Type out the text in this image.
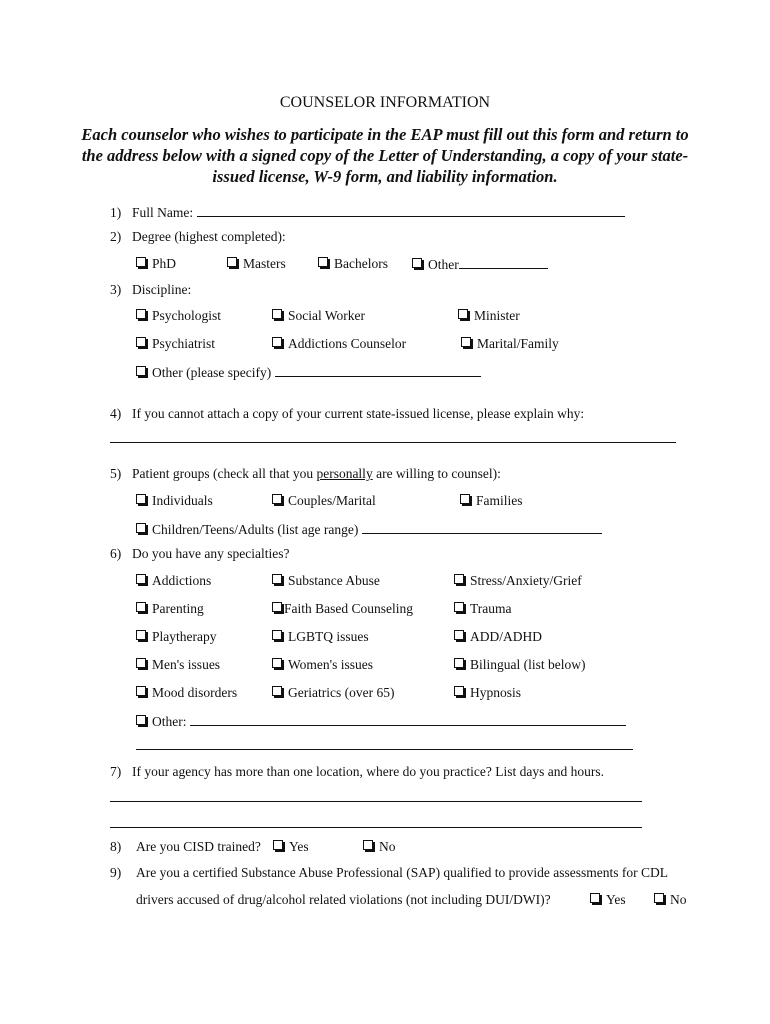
COUNSELOR INFORMATION
Each counselor who wishes to participate in the EAP must fill out this form and return to the address below with a signed copy of the Letter of Understanding, a copy of your state-issued license, W-9 form, and liability information.
1) Full Name:
2) Degree (highest completed):
PhD	Masters	Bachelors	Other
3) Discipline:
Psychologist	Social Worker	Minister
Psychiatrist	Addictions Counselor	Marital/Family
Other (please specify)
4) If you cannot attach a copy of your current state-issued license, please explain why:
5) Patient groups (check all that you personally are willing to counsel):
Individuals	Couples/Marital	Families
Children/Teens/Adults (list age range)
6) Do you have any specialties?
Addictions	Substance Abuse	Stress/Anxiety/Grief
Parenting	Faith Based Counseling	Trauma
Playtherapy	LGBTQ issues	ADD/ADHD
Men's issues	Women's issues	Bilingual (list below)
Mood disorders	Geriatrics (over 65)	Hypnosis
Other:
7) If your agency has more than one location, where do you practice? List days and hours.
8) Are you CISD trained?	Yes	No
9) Are you a certified Substance Abuse Professional (SAP) qualified to provide assessments for CDL
drivers accused of drug/alcohol related violations (not including DUI/DWI)?	Yes	No
